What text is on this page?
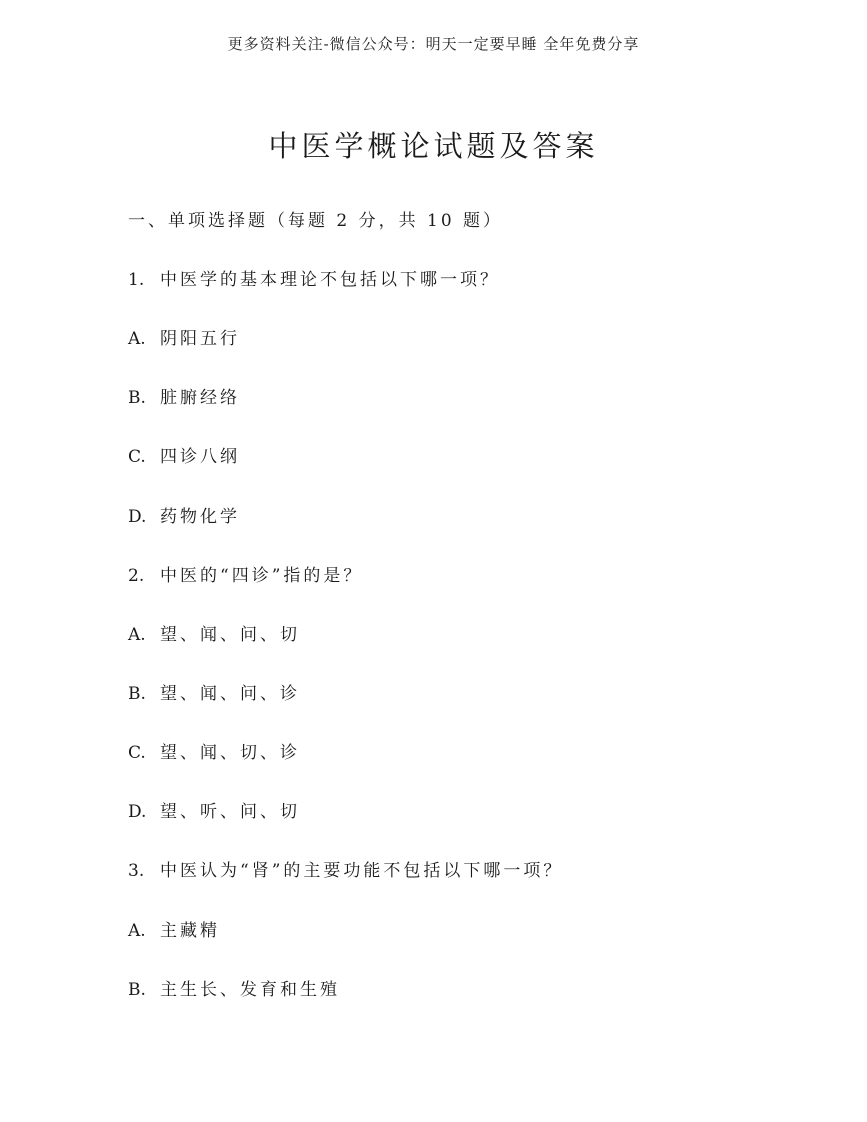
更多资料关注-微信公众号：明天一定要早睡 全年免费分享
中医学概论试题及答案
一、单项选择题（每题 2 分，共 10 题）
1. 中医学的基本理论不包括以下哪一项？
A. 阴阳五行
B. 脏腑经络
C. 四诊八纲
D. 药物化学
2. 中医的“四诊”指的是？
A. 望、闻、问、切
B. 望、闻、问、诊
C. 望、闻、切、诊
D. 望、听、问、切
3. 中医认为“肾”的主要功能不包括以下哪一项？
A. 主藏精
B. 主生长、发育和生殖
